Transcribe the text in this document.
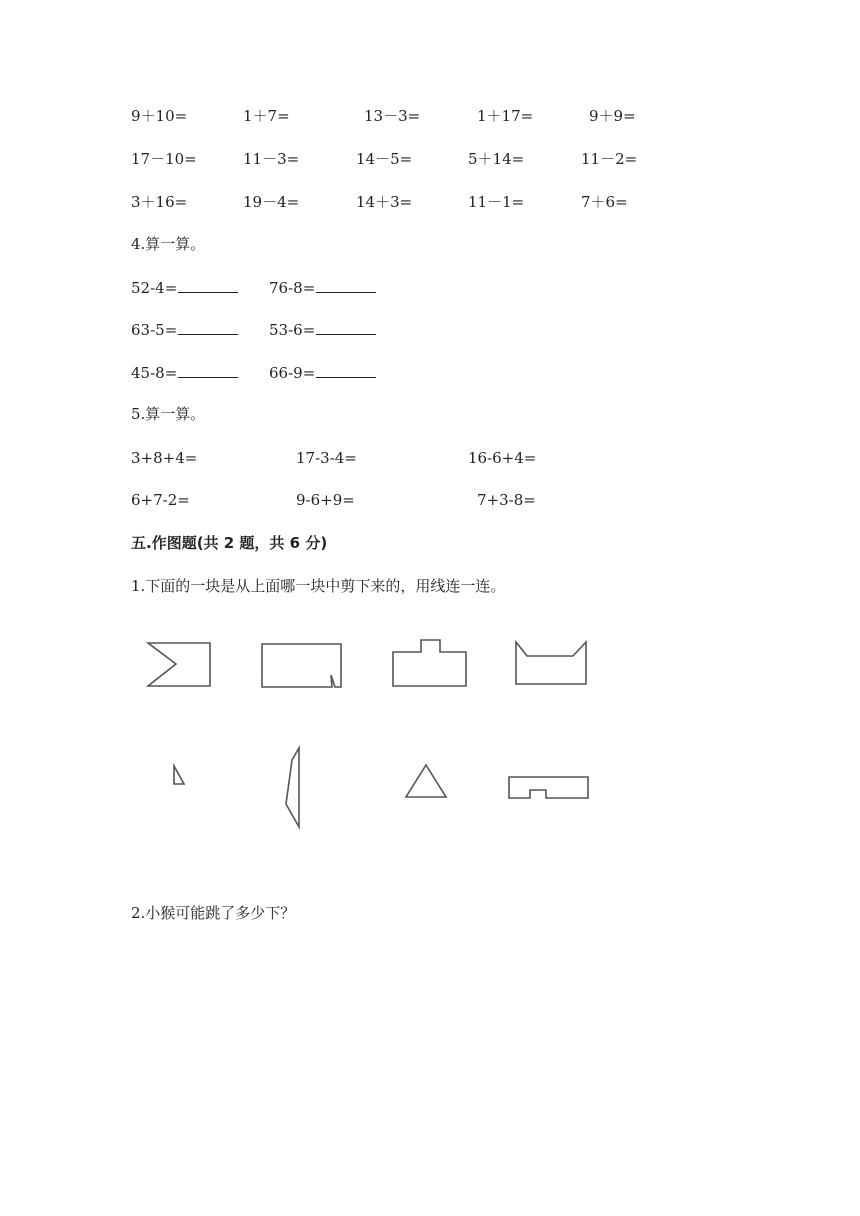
9＋10=	1＋7=	13－3=	1＋17=	9＋9=
17－10=	11－3=	14－5=	5＋14=	11－2=
3＋16=	19－4=	14＋3=	11－1=	7＋6=
4.算一算。
52-4=	76-8=
63-5=	53-6=
45-8=	66-9=
5.算一算。
3+8+4=	17-3-4=	16-6+4=
6+7-2=	9-6+9=	7+3-8=
五.作图题(共 2 题，共 6 分)
1.下面的一块是从上面哪一块中剪下来的，用线连一连。
2.小猴可能跳了多少下？
